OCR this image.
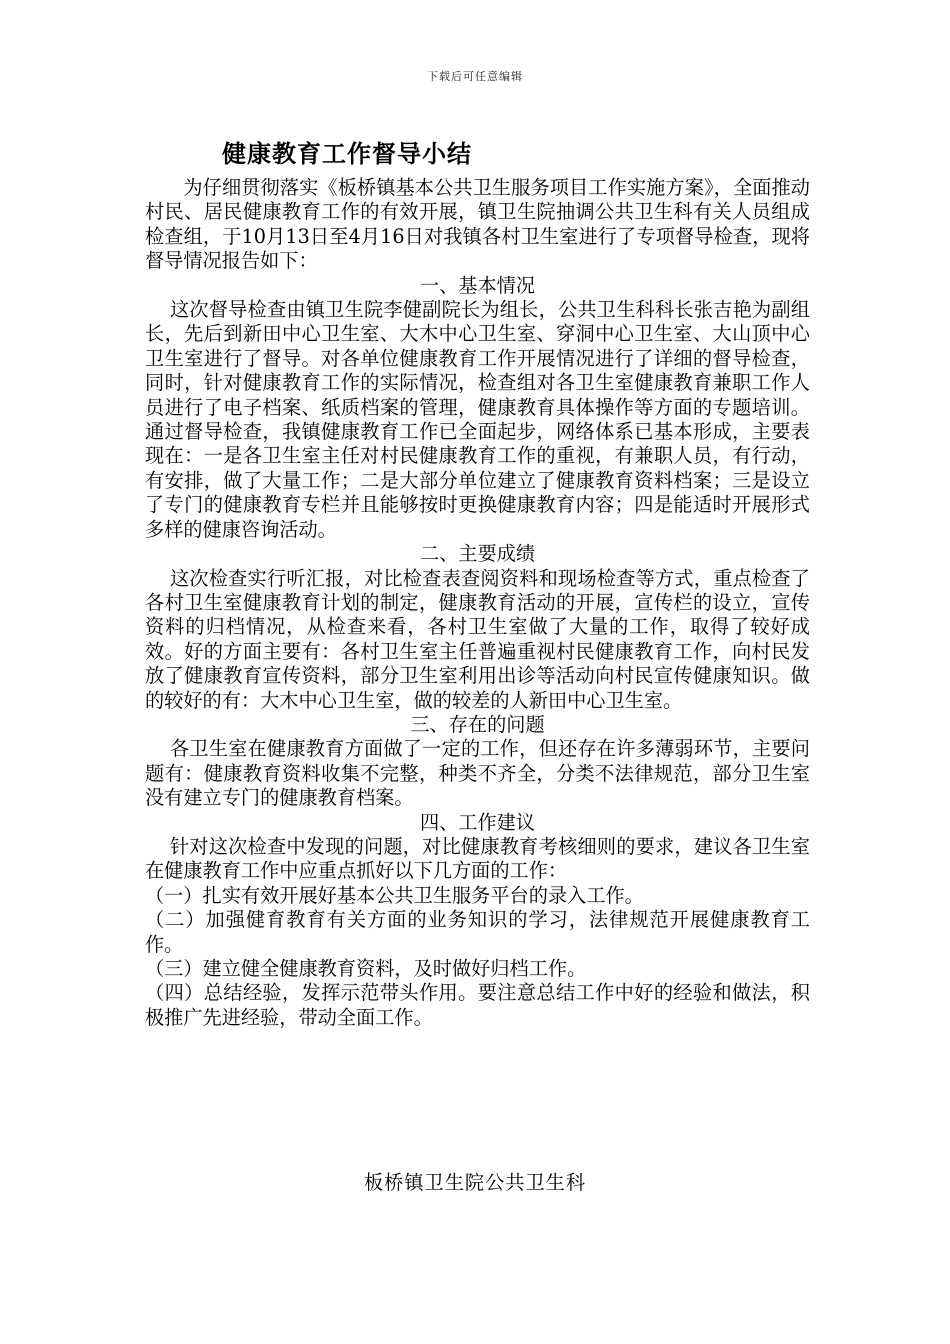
下载后可任意编辑
健康教育工作督导小结

为仔细贯彻落实《板桥镇基本公共卫生服务项目工作实施方案》，全面推动村民、居民健康教育工作的有效开展，镇卫生院抽调公共卫生科有关人员组成检查组，于10月13日至4月16日对我镇各村卫生室进行了专项督导检查，现将督导情况报告如下：

一、基本情况

这次督导检查由镇卫生院李健副院长为组长，公共卫生科科长张吉艳为副组长，先后到新田中心卫生室、大木中心卫生室、穿洞中心卫生室、大山顶中心卫生室进行了督导。对各单位健康教育工作开展情况进行了详细的督导检查，同时，针对健康教育工作的实际情况，检查组对各卫生室健康教育兼职工作人员进行了电子档案、纸质档案的管理，健康教育具体操作等方面的专题培训。通过督导检查，我镇健康教育工作已全面起步，网络体系已基本形成，主要表现在：一是各卫生室主任对村民健康教育工作的重视，有兼职人员，有行动，有安排，做了大量工作；二是大部分单位建立了健康教育资料档案；三是设立了专门的健康教育专栏并且能够按时更换健康教育内容；四是能适时开展形式多样的健康咨询活动。

二、主要成绩

这次检查实行听汇报，对比检查表查阅资料和现场检查等方式，重点检查了各村卫生室健康教育计划的制定，健康教育活动的开展，宣传栏的设立，宣传资料的归档情况，从检查来看，各村卫生室做了大量的工作，取得了较好成效。好的方面主要有：各村卫生室主任普遍重视村民健康教育工作，向村民发放了健康教育宣传资料，部分卫生室利用出诊等活动向村民宣传健康知识。做的较好的有：大木中心卫生室，做的较差的人新田中心卫生室。

三、存在的问题

各卫生室在健康教育方面做了一定的工作，但还存在许多薄弱环节，主要问题有：健康教育资料收集不完整，种类不齐全，分类不法律规范，部分卫生室没有建立专门的健康教育档案。

四、工作建议

针对这次检查中发现的问题，对比健康教育考核细则的要求，建议各卫生室在健康教育工作中应重点抓好以下几方面的工作：

（一）扎实有效开展好基本公共卫生服务平台的录入工作。

（二）加强健育教育有关方面的业务知识的学习，法律规范开展健康教育工作。

（三）建立健全健康教育资料，及时做好归档工作。

（四）总结经验，发挥示范带头作用。要注意总结工作中好的经验和做法，积极推广先进经验，带动全面工作。

板桥镇卫生院公共卫生科
